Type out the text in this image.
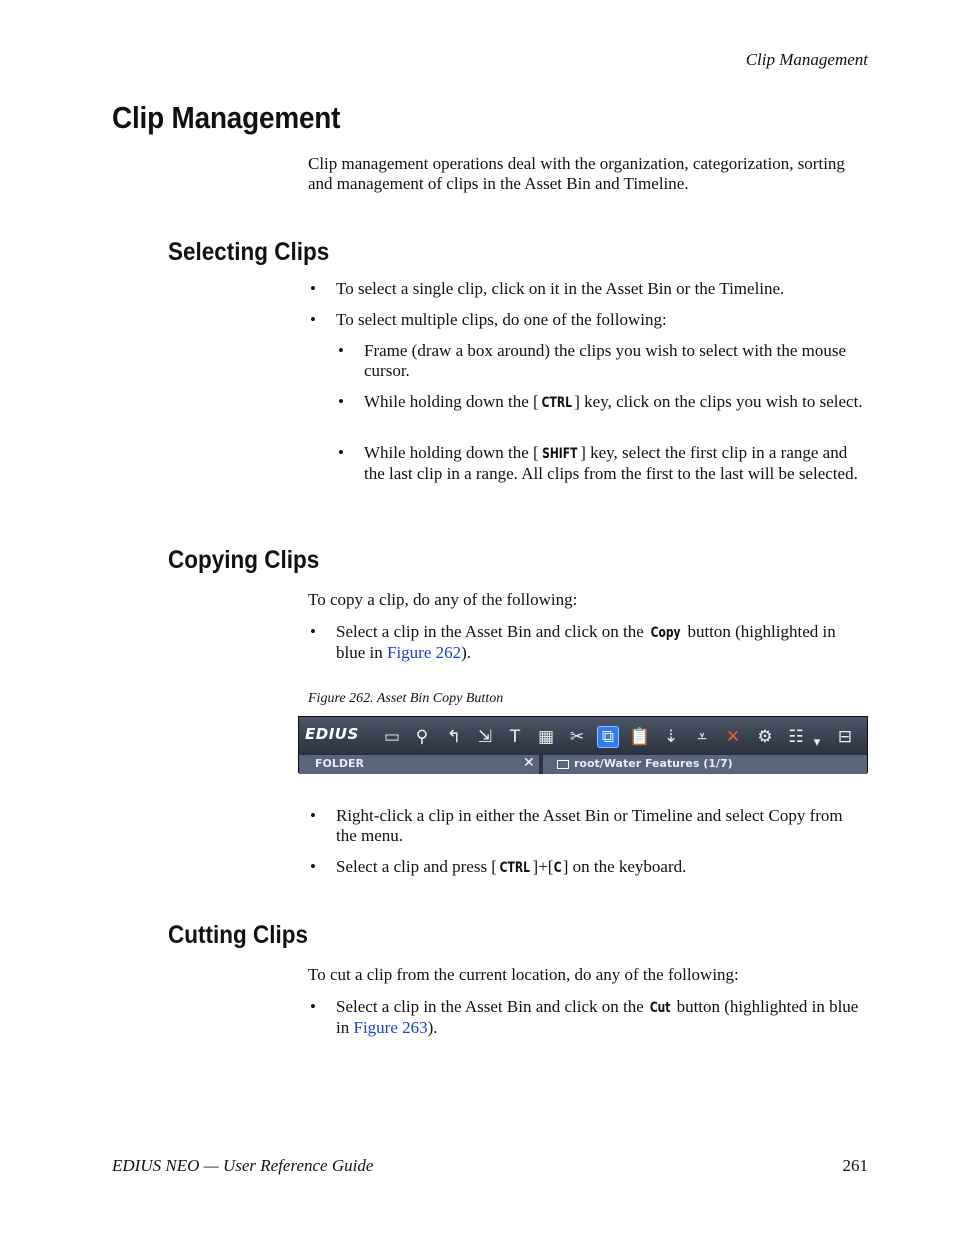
Clip Management
Clip Management

Clip management operations deal with the organization, categorization, sorting and management of clips in the Asset Bin and Timeline.

Selecting Clips
• To select a single clip, click on it in the Asset Bin or the Timeline.

• To select multiple clips, do one of the following:

• Frame (draw a box around) the clips you wish to select with the mouse cursor.

• While holding down the [ CTRL ] key, click on the clips you wish to select.

• While holding down the [ SHIFT ] key, select the first clip in a range and the last clip in a range. All clips from the first to the last will be selected.

Copying Clips

To copy a clip, do any of the following:

• Select a clip in the Asset Bin and click on the Copy button (highlighted in blue in Figure 262).

Figure 262. Asset Bin Copy Button
EDIUS ▭ ⚲ ↰ ⇲	T	▦ ✂ ⧉ 📋 ⇣	⩡	✕ ⚙ ☷ ▾ ⊟
FOLDER	✕	root/Water Features (1/7)
• Right-click a clip in either the Asset Bin or Timeline and select Copy from the menu.

• Select a clip and press [ CTRL ]+[C] on the keyboard.

Cutting Clips

To cut a clip from the current location, do any of the following:

• Select a clip in the Asset Bin and click on the Cut button (highlighted in blue in Figure 263).

EDIUS NEO — User Reference Guide	261
